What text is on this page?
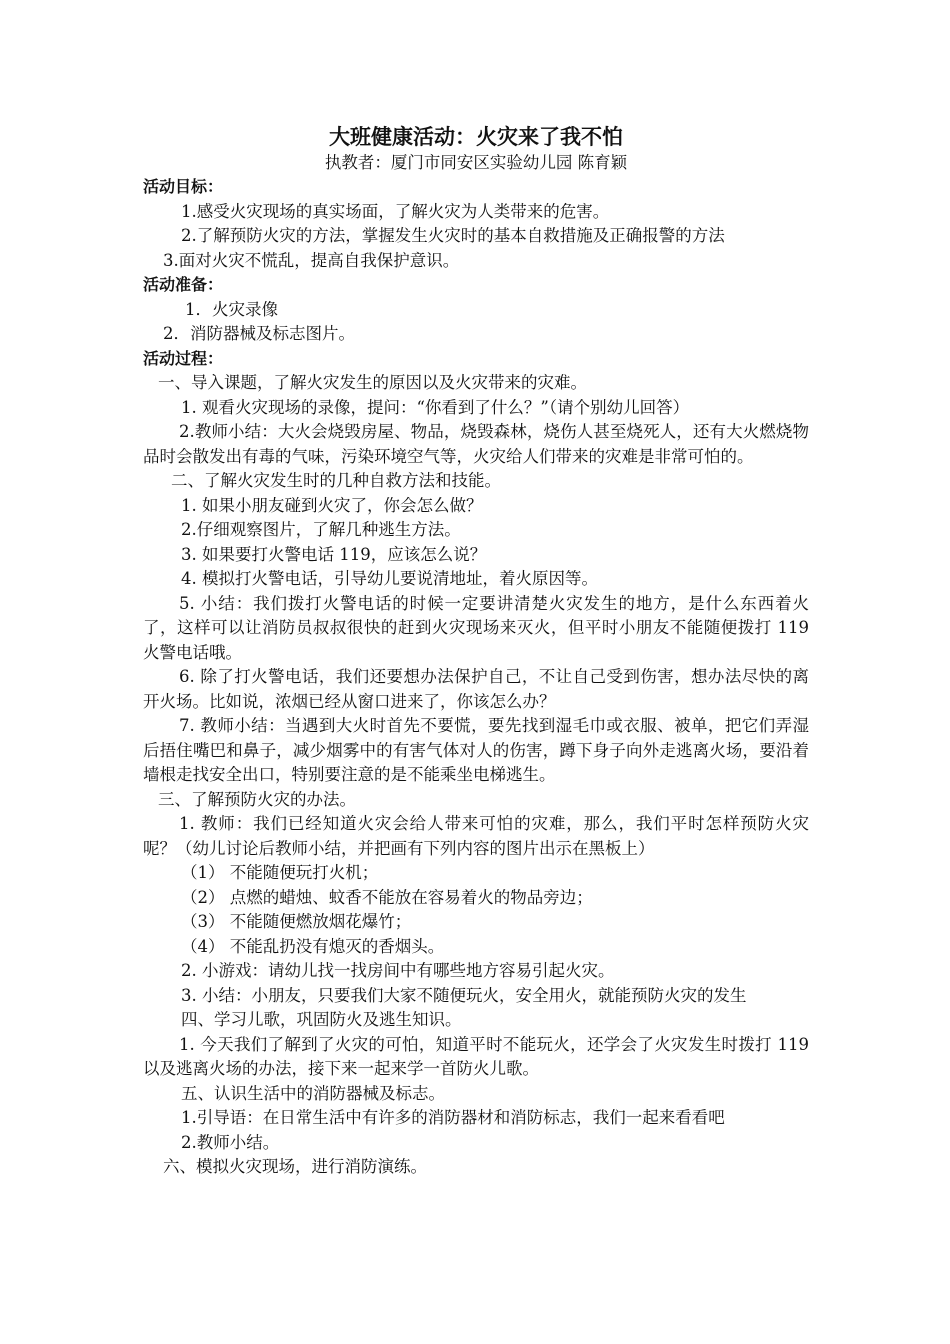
大班健康活动：火灾来了我不怕

执教者：厦门市同安区实验幼儿园 陈育颖

活动目标：

1.感受火灾现场的真实场面，了解火灾为人类带来的危害。

2.了解预防火灾的方法，掌握发生火灾时的基本自救措施及正确报警的方法

3.面对火灾不慌乱，提高自我保护意识。

活动准备：

1．火灾录像

2．消防器械及标志图片。

活动过程：

一、导入课题，了解火灾发生的原因以及火灾带来的灾难。

1. 观看火灾现场的录像，提问：“你看到了什么？”（请个别幼儿回答）

2.教师小结：大火会烧毁房屋、物品，烧毁森林，烧伤人甚至烧死人，还有大火燃烧物品时会散发出有毒的气味，污染环境空气等，火灾给人们带来的灾难是非常可怕的。

二、了解火灾发生时的几种自救方法和技能。

1. 如果小朋友碰到火灾了，你会怎么做？

2.仔细观察图片，了解几种逃生方法。

3. 如果要打火警电话 119，应该怎么说？

4. 模拟打火警电话，引导幼儿要说清地址，着火原因等。

5. 小结：我们拨打火警电话的时候一定要讲清楚火灾发生的地方，是什么东西着火了，这样可以让消防员叔叔很快的赶到火灾现场来灭火，但平时小朋友不能随便拨打 119 火警电话哦。

6. 除了打火警电话，我们还要想办法保护自己，不让自己受到伤害，想办法尽快的离开火场。比如说，浓烟已经从窗口进来了，你该怎么办？

7. 教师小结：当遇到大火时首先不要慌，要先找到湿毛巾或衣服、被单，把它们弄湿后捂住嘴巴和鼻子，减少烟雾中的有害气体对人的伤害，蹲下身子向外走逃离火场，要沿着墙根走找安全出口，特别要注意的是不能乘坐电梯逃生。

三、了解预防火灾的办法。

1. 教师：我们已经知道火灾会给人带来可怕的灾难，那么，我们平时怎样预防火灾呢？（幼儿讨论后教师小结，并把画有下列内容的图片出示在黑板上）

（1） 不能随便玩打火机；

（2） 点燃的蜡烛、蚊香不能放在容易着火的物品旁边；

（3） 不能随便燃放烟花爆竹；

（4） 不能乱扔没有熄灭的香烟头。

2. 小游戏：请幼儿找一找房间中有哪些地方容易引起火灾。

3. 小结：小朋友，只要我们大家不随便玩火，安全用火，就能预防火灾的发生

四、学习儿歌，巩固防火及逃生知识。

1. 今天我们了解到了火灾的可怕，知道平时不能玩火，还学会了火灾发生时拨打 119 以及逃离火场的办法，接下来一起来学一首防火儿歌。

五、认识生活中的消防器械及标志。

1.引导语：在日常生活中有许多的消防器材和消防标志，我们一起来看看吧

2.教师小结。

六、模拟火灾现场，进行消防演练。
